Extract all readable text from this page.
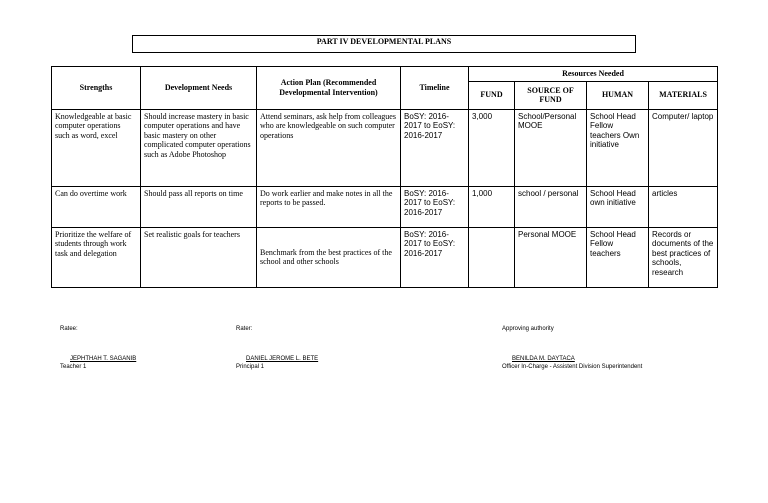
PART IV DEVELOPMENTAL PLANS
Strengths	Development Needs	Action Plan (Recommended Developmental Intervention)	Timeline	Resources Needed			
				FUND	SOURCE OF FUND	HUMAN	MATERIALS
Knowledgeable at basic computer operations such as word, excel	Should increase mastery in basic computer operations and have basic mastery on other complicated computer operations such as Adobe Photoshop	Attend seminars, ask help from colleagues who are knowledgeable on such computer operations	BoSY: 2016-2017 to EoSY: 2016-2017	3,000	School/Personal MOOE	School Head Fellow teachers Own initiative	Computer/ laptop
Can do overtime work	Should pass all reports on time	Do work earlier and make notes in all the reports to be passed.	BoSY: 2016-2017 to EoSY: 2016-2017	1,000	school / personal	School Head own initiative	articles
Prioritize the welfare of students through work task and delegation	Set realistic goals for teachers	Benchmark from the best practices of the school and other schools	BoSY: 2016-2017 to EoSY: 2016-2017		Personal MOOE	School Head Fellow teachers	Records or documents of the best practices of schools, research
Ratee:
JEPHTHAH T. SAGANIB
Teacher 1
Rater:
DANIEL JEROME L. BETE
Principal 1
Approving authority
BENILDA M. DAYTACA
Officer In-Charge - Assistent Division Superintendent
